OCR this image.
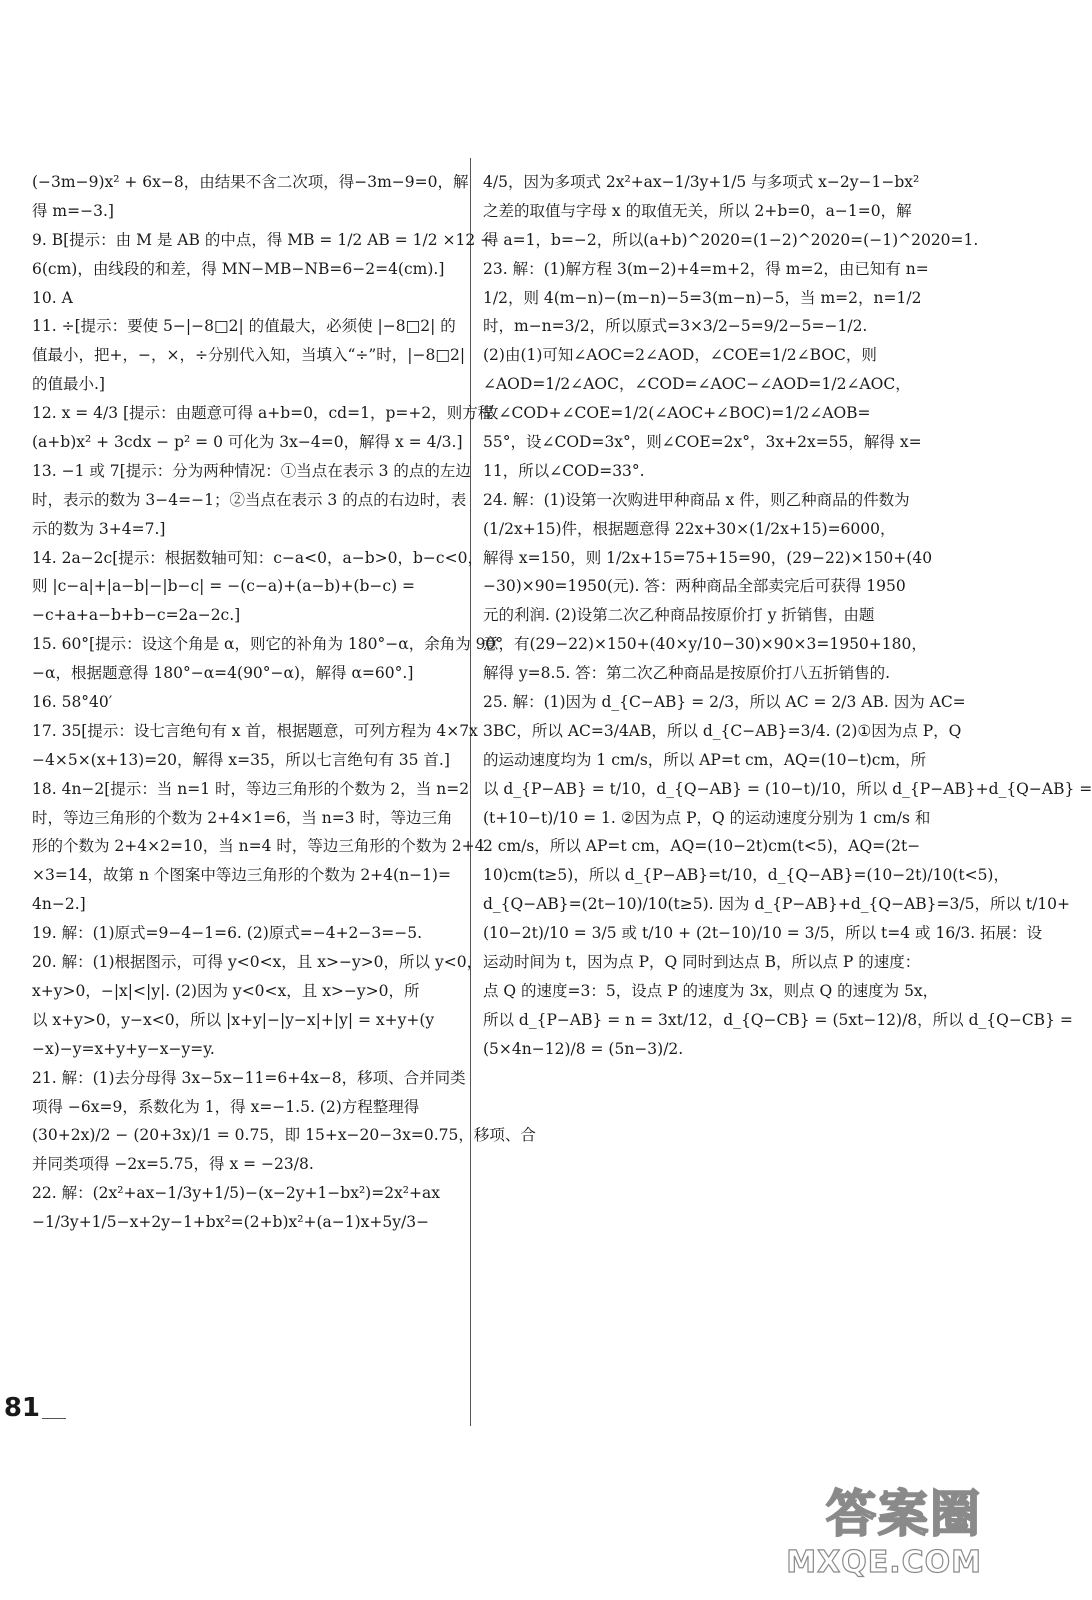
(−3m−9)x² + 6x−8，由结果不含二次项，得−3m−9=0，解
得 m=−3.]
9. B[提示：由 M 是 AB 的中点，得 MB = 1/2 AB = 1/2 ×12 −
6(cm)，由线段的和差，得 MN−MB−NB=6−2=4(cm).]
10. A
11. ÷[提示：要使 5−|−8□2| 的值最大，必须使 |−8□2| 的
值最小，把+，−，×，÷分别代入知，当填入“÷”时，|−8□2|
的值最小.]
12. x = 4/3 [提示：由题意可得 a+b=0，cd=1，p=+2，则方程
(a+b)x² + 3cdx − p² = 0 可化为 3x−4=0，解得 x = 4/3.]
13. −1 或 7[提示：分为两种情况：①当点在表示 3 的点的左边
时，表示的数为 3−4=−1；②当点在表示 3 的点的右边时，表
示的数为 3+4=7.]
14. 2a−2c[提示：根据数轴可知：c−a<0，a−b>0，b−c<0，
则 |c−a|+|a−b|−|b−c| = −(c−a)+(a−b)+(b−c) =
−c+a+a−b+b−c=2a−2c.]
15. 60°[提示：设这个角是 α，则它的补角为 180°−α，余角为 90°
−α，根据题意得 180°−α=4(90°−α)，解得 α=60°.]
16. 58°40′
17. 35[提示：设七言绝句有 x 首，根据题意，可列方程为 4×7x
−4×5×(x+13)=20，解得 x=35，所以七言绝句有 35 首.]
18. 4n−2[提示：当 n=1 时，等边三角形的个数为 2，当 n=2
时，等边三角形的个数为 2+4×1=6，当 n=3 时，等边三角
形的个数为 2+4×2=10，当 n=4 时，等边三角形的个数为 2+4
×3=14，故第 n 个图案中等边三角形的个数为 2+4(n−1)=
4n−2.]
19. 解：(1)原式=9−4−1=6. (2)原式=−4+2−3=−5.
20. 解：(1)根据图示，可得 y<0<x，且 x>−y>0，所以 y<0，
x+y>0，−|x|<|y|. (2)因为 y<0<x，且 x>−y>0，所
以 x+y>0，y−x<0，所以 |x+y|−|y−x|+|y| = x+y+(y
−x)−y=x+y+y−x−y=y.
21. 解：(1)去分母得 3x−5x−11=6+4x−8，移项、合并同类
项得 −6x=9，系数化为 1，得 x=−1.5. (2)方程整理得
(30+2x)/2 − (20+3x)/1 = 0.75，即 15+x−20−3x=0.75，移项、合
并同类项得 −2x=5.75，得 x = −23/8.
22. 解：(2x²+ax−1/3y+1/5)−(x−2y+1−bx²)=2x²+ax
−1/3y+1/5−x+2y−1+bx²=(2+b)x²+(a−1)x+5y/3−
4/5，因为多项式 2x²+ax−1/3y+1/5 与多项式 x−2y−1−bx²
之差的取值与字母 x 的取值无关，所以 2+b=0，a−1=0，解
得 a=1，b=−2，所以(a+b)^2020=(1−2)^2020=(−1)^2020=1.
23. 解：(1)解方程 3(m−2)+4=m+2，得 m=2，由已知有 n=
1/2，则 4(m−n)−(m−n)−5=3(m−n)−5，当 m=2，n=1/2
时，m−n=3/2，所以原式=3×3/2−5=9/2−5=−1/2.
(2)由(1)可知∠AOC=2∠AOD，∠COE=1/2∠BOC，则
∠AOD=1/2∠AOC，∠COD=∠AOC−∠AOD=1/2∠AOC，
故∠COD+∠COE=1/2(∠AOC+∠BOC)=1/2∠AOB=
55°，设∠COD=3x°，则∠COE=2x°，3x+2x=55，解得 x=
11，所以∠COD=33°.
24. 解：(1)设第一次购进甲种商品 x 件，则乙种商品的件数为
(1/2x+15)件，根据题意得 22x+30×(1/2x+15)=6000，
解得 x=150，则 1/2x+15=75+15=90，(29−22)×150+(40
−30)×90=1950(元). 答：两种商品全部卖完后可获得 1950
元的利润. (2)设第二次乙种商品按原价打 y 折销售，由题
意，有(29−22)×150+(40×y/10−30)×90×3=1950+180，
解得 y=8.5. 答：第二次乙种商品是按原价打八五折销售的.
25. 解：(1)因为 d_{C−AB} = 2/3，所以 AC = 2/3 AB. 因为 AC=
3BC，所以 AC=3/4AB，所以 d_{C−AB}=3/4. (2)①因为点 P，Q
的运动速度均为 1 cm/s，所以 AP=t cm，AQ=(10−t)cm，所
以 d_{P−AB} = t/10，d_{Q−AB} = (10−t)/10，所以 d_{P−AB}+d_{Q−AB} =
(t+10−t)/10 = 1. ②因为点 P，Q 的运动速度分别为 1 cm/s 和
2 cm/s，所以 AP=t cm，AQ=(10−2t)cm(t<5)，AQ=(2t−
10)cm(t≥5)，所以 d_{P−AB}=t/10，d_{Q−AB}=(10−2t)/10(t<5)，
d_{Q−AB}=(2t−10)/10(t≥5). 因为 d_{P−AB}+d_{Q−AB}=3/5，所以 t/10+
(10−2t)/10 = 3/5 或 t/10 + (2t−10)/10 = 3/5，所以 t=4 或 16/3. 拓展：设
运动时间为 t，因为点 P，Q 同时到达点 B，所以点 P 的速度：
点 Q 的速度=3：5，设点 P 的速度为 3x，则点 Q 的速度为 5x，
所以 d_{P−AB} = n = 3xt/12，d_{Q−CB} = (5xt−12)/8，所以 d_{Q−CB} =
(5×4n−12)/8 = (5n−3)/2.
81
答案圈
MXQE.COM
